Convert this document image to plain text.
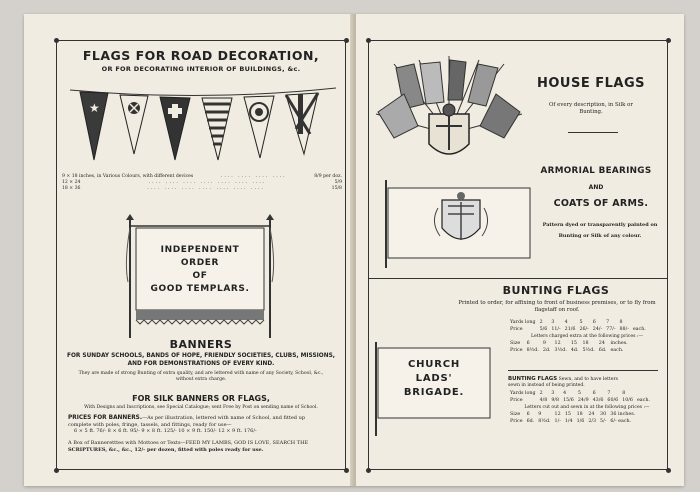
FLAGS FOR ROAD DECORATION,
OR FOR DECORATING INTERIOR OF BUILDINGS, &c.
★
9 × 18 inches, in Various Colours, with different devices	.... .... .... ....	8/9 per doz.
12 × 24	.... .... .... .... .... .... ....	5/9
18 × 36	.... .... .... .... .... .... ....	15/8
INDEPENDENT
ORDER
OF
GOOD TEMPLARS.
BANNERS
FOR SUNDAY SCHOOLS, BANDS OF HOPE, FRIENDLY SOCIETIES, CLUBS, MISSIONS,
AND FOR DEMONSTRATIONS OF EVERY KIND.
They are made of strong Bunting of extra quality, and are lettered with name of any Society, School, &c.,
without extra charge.
FOR SILK BANNERS OR FLAGS,
With Designs and Inscriptions, see Special Catalogue; sent Free by Post on sending name of School.
PRICES FOR BANNERS.—As per illustration, lettered with name of School, and fitted up
complete with poles, fringe, tassels, and fittings, ready for use—
6 × 5 ft. 76/- 8 × 6 ft. 95/- 9 × 8 ft. 125/- 10 × 9 ft. 150/- 12 × 9 ft. 176/-
A Box of Banneretttes with Mottoes or Texts—FEED MY LAMBS, GOD IS LOVE, SEARCH THE
SCRIPTURES, &c., &c., 12/- per dozen, fitted with poles ready for use.
HOUSE FLAGS
Of every description, in Silk or
Bunting.
ARMORIAL BEARINGS
AND
COATS OF ARMS.
Pattern dyed or transparently painted on
Bunting or Silk of any colour.
BUNTING FLAGS
Printed to order, for affixing to front of business premises, or to fly from
flagstaff on roof.
CHURCH
LADS'
BRIGADE.
Yards long	2	3	4	5	6	7	8	
Price	5/6	11/-	21/6	26/-	24/-	77/-	88/-	each.
Letters charged extra at the following prices :—
Size	6	9	12	15	18	24	inches.
Price	8½d.	2d.	3½d.	4d.	5½d.	6d.	each.
BUNTING FLAGS Sewn, and to have letters
sewn in instead of being printed.
Yards long	2	3	4	5	6	7	8	
Price	4/8	9/8	15/6	24/9	43/6	60/6	10/6	each.
Letters cut out and sewn in at the following prices :—
Size	6	9	12	15	18	24	30	36 inches.
Price	6d.	8½d.	1/-	1/4	1/6	2/3	5/-	6/- each.
